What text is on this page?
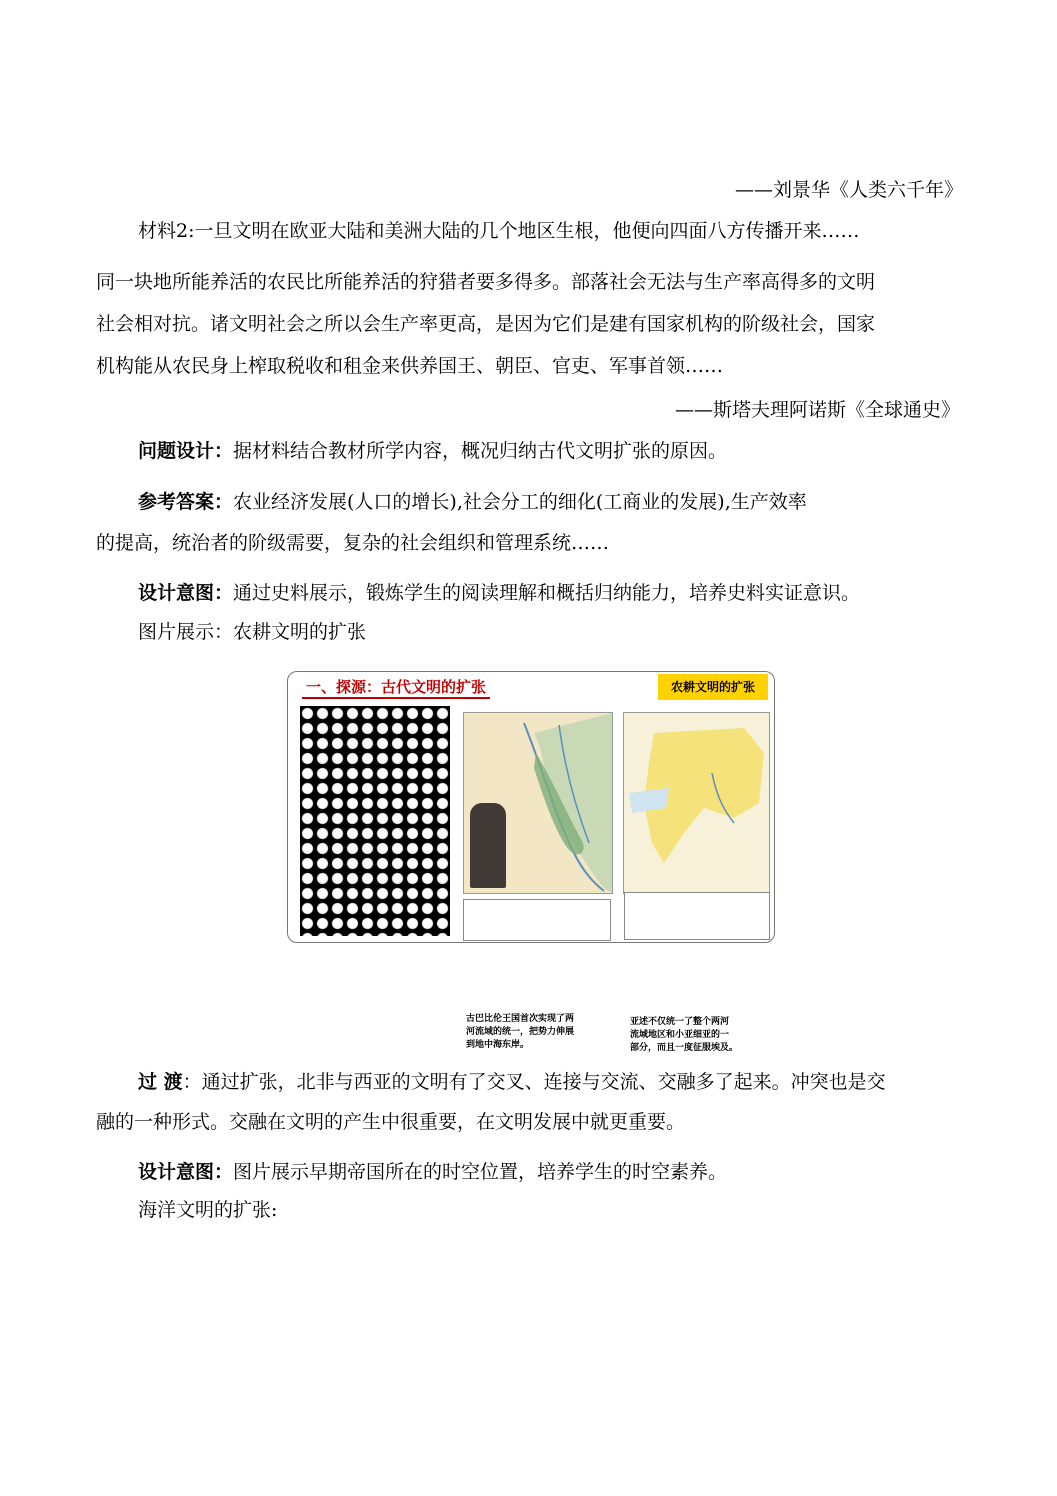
——刘景华《人类六千年》
材料2:一旦文明在欧亚大陆和美洲大陆的几个地区生根，他便向四面八方传播开来……
同一块地所能养活的农民比所能养活的狩猎者要多得多。部落社会无法与生产率高得多的文明
社会相对抗。诸文明社会之所以会生产率更高，是因为它们是建有国家机构的阶级社会，国家
机构能从农民身上榨取税收和租金来供养国王、朝臣、官吏、军事首领……
——斯塔夫理阿诺斯《全球通史》
问题设计：据材料结合教材所学内容，概况归纳古代文明扩张的原因。
参考答案：农业经济发展(人口的增长),社会分工的细化(工商业的发展),生产效率
的提高，统治者的阶级需要，复杂的社会组织和管理系统……
设计意图：通过史料展示，锻炼学生的阅读理解和概括归纳能力，培养史料实证意识。
图片展示：农耕文明的扩张
一、探源：古代文明的扩张	农耕文明的扩张
古巴比伦王国首次实现了两
河流域的统一，把势力伸展
到地中海东岸。
亚述不仅统一了整个两河
流域地区和小亚细亚的一
部分，而且一度征服埃及。
过 渡：通过扩张，北非与西亚的文明有了交叉、连接与交流、交融多了起来。冲突也是交
融的一种形式。交融在文明的产生中很重要，在文明发展中就更重要。
设计意图：图片展示早期帝国所在的时空位置，培养学生的时空素养。
海洋文明的扩张:
